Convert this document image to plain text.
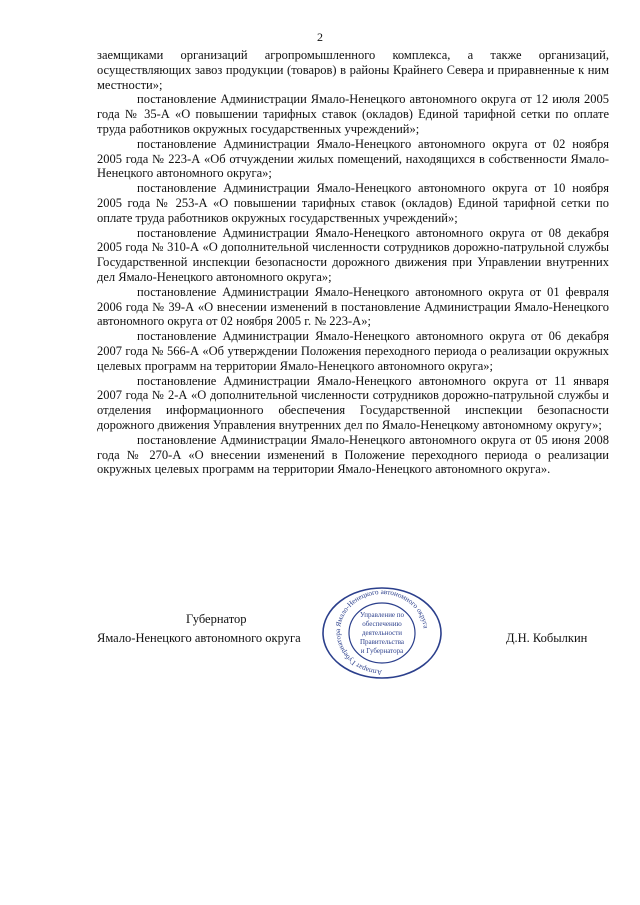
2

заемщиками организаций агропромышленного комплекса, а также организаций, осуществляющих завоз продукции (товаров) в районы Крайнего Севера и приравненные к ним местности»;

постановление Администрации Ямало-Ненецкого автономного округа от 12 июля 2005 года № 35-А «О повышении тарифных ставок (окладов) Единой тарифной сетки по оплате труда работников окружных государственных учреждений»;

постановление Администрации Ямало-Ненецкого автономного округа от 02 ноября 2005 года № 223-А «Об отчуждении жилых помещений, находящихся в собственности Ямало-Ненецкого автономного округа»;

постановление Администрации Ямало-Ненецкого автономного округа от 10 ноября 2005 года № 253-А «О повышении тарифных ставок (окладов) Единой тарифной сетки по оплате труда работников окружных государственных учреждений»;

постановление Администрации Ямало-Ненецкого автономного округа от 08 декабря 2005 года № 310-А «О дополнительной численности сотрудников дорожно-патрульной службы Государственной инспекции безопасности дорожного движения при Управлении внутренних дел Ямало-Ненецкого автономного округа»;

постановление Администрации Ямало-Ненецкого автономного округа от 01 февраля 2006 года № 39-А «О внесении изменений в постановление Администрации Ямало-Ненецкого автономного округа от 02 ноября 2005 г. № 223-А»;

постановление Администрации Ямало-Ненецкого автономного округа от 06 декабря 2007 года № 566-А «Об утверждении Положения переходного периода о реализации окружных целевых программ на территории Ямало-Ненецкого автономного округа»;

постановление Администрации Ямало-Ненецкого автономного округа от 11 января 2007 года № 2-А «О дополнительной численности сотрудников дорожно-патрульной службы и отделения информационного обеспечения Государственной инспекции безопасности дорожного движения Управления внутренних дел по Ямало-Ненецкому автономному округу»;

постановление Администрации Ямало-Ненецкого автономного округа от 05 июня 2008 года № 270-А «О внесении изменений в Положение переходного периода о реализации окружных целевых программ на территории Ямало-Ненецкого автономного округа».

Губернатор
Ямало-Ненецкого автономного округа
Аппарат Губернатора Ямало-Ненецкого автономного округа
Управление по
обеспечению
деятельности
Правительства
и Губернатора
Д.Н. Кобылкин
